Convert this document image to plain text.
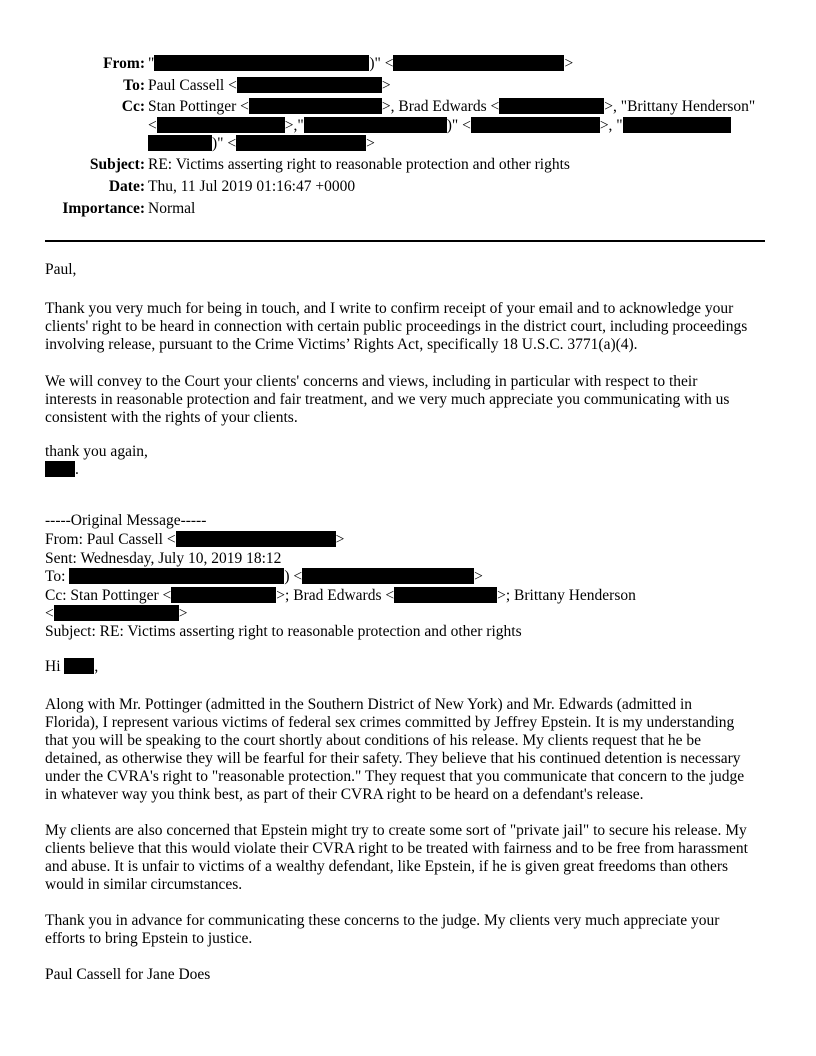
From: "	)" <	>
To: Paul Cassell <	>
Cc: Stan Pottinger <	>, Brad Edwards <	>, "Brittany Henderson"
<	>,"	)" <	>, "
)" <	>
Subject: RE: Victims asserting right to reasonable protection and other rights
Date: Thu, 11 Jul 2019 01:16:47 +0000
Importance: Normal
Paul,
Thank you very much for being in touch, and I write to confirm receipt of your email and to acknowledge your
clients' right to be heard in connection with certain public proceedings in the district court, including proceedings
involving release, pursuant to the Crime Victims’ Rights Act, specifically 18 U.S.C. 3771(a)(4).
We will convey to the Court your clients' concerns and views, including in particular with respect to their
interests in reasonable protection and fair treatment, and we very much appreciate you communicating with us
consistent with the rights of your clients.
thank you again,
.
-----Original Message-----
From: Paul Cassell <	>
Sent: Wednesday, July 10, 2019 18:12
To:	) <	>
Cc: Stan Pottinger <	>; Brad Edwards <	>; Brittany Henderson
<	>
Subject: RE: Victims asserting right to reasonable protection and other rights
Hi ,
Along with Mr. Pottinger (admitted in the Southern District of New York) and Mr. Edwards (admitted in
Florida), I represent various victims of federal sex crimes committed by Jeffrey Epstein. It is my understanding
that you will be speaking to the court shortly about conditions of his release. My clients request that he be
detained, as otherwise they will be fearful for their safety. They believe that his continued detention is necessary
under the CVRA's right to "reasonable protection." They request that you communicate that concern to the judge
in whatever way you think best, as part of their CVRA right to be heard on a defendant's release.
My clients are also concerned that Epstein might try to create some sort of "private jail" to secure his release. My
clients believe that this would violate their CVRA right to be treated with fairness and to be free from harassment
and abuse. It is unfair to victims of a wealthy defendant, like Epstein, if he is given great freedoms than others
would in similar circumstances.
Thank you in advance for communicating these concerns to the judge. My clients very much appreciate your
efforts to bring Epstein to justice.
Paul Cassell for Jane Does
